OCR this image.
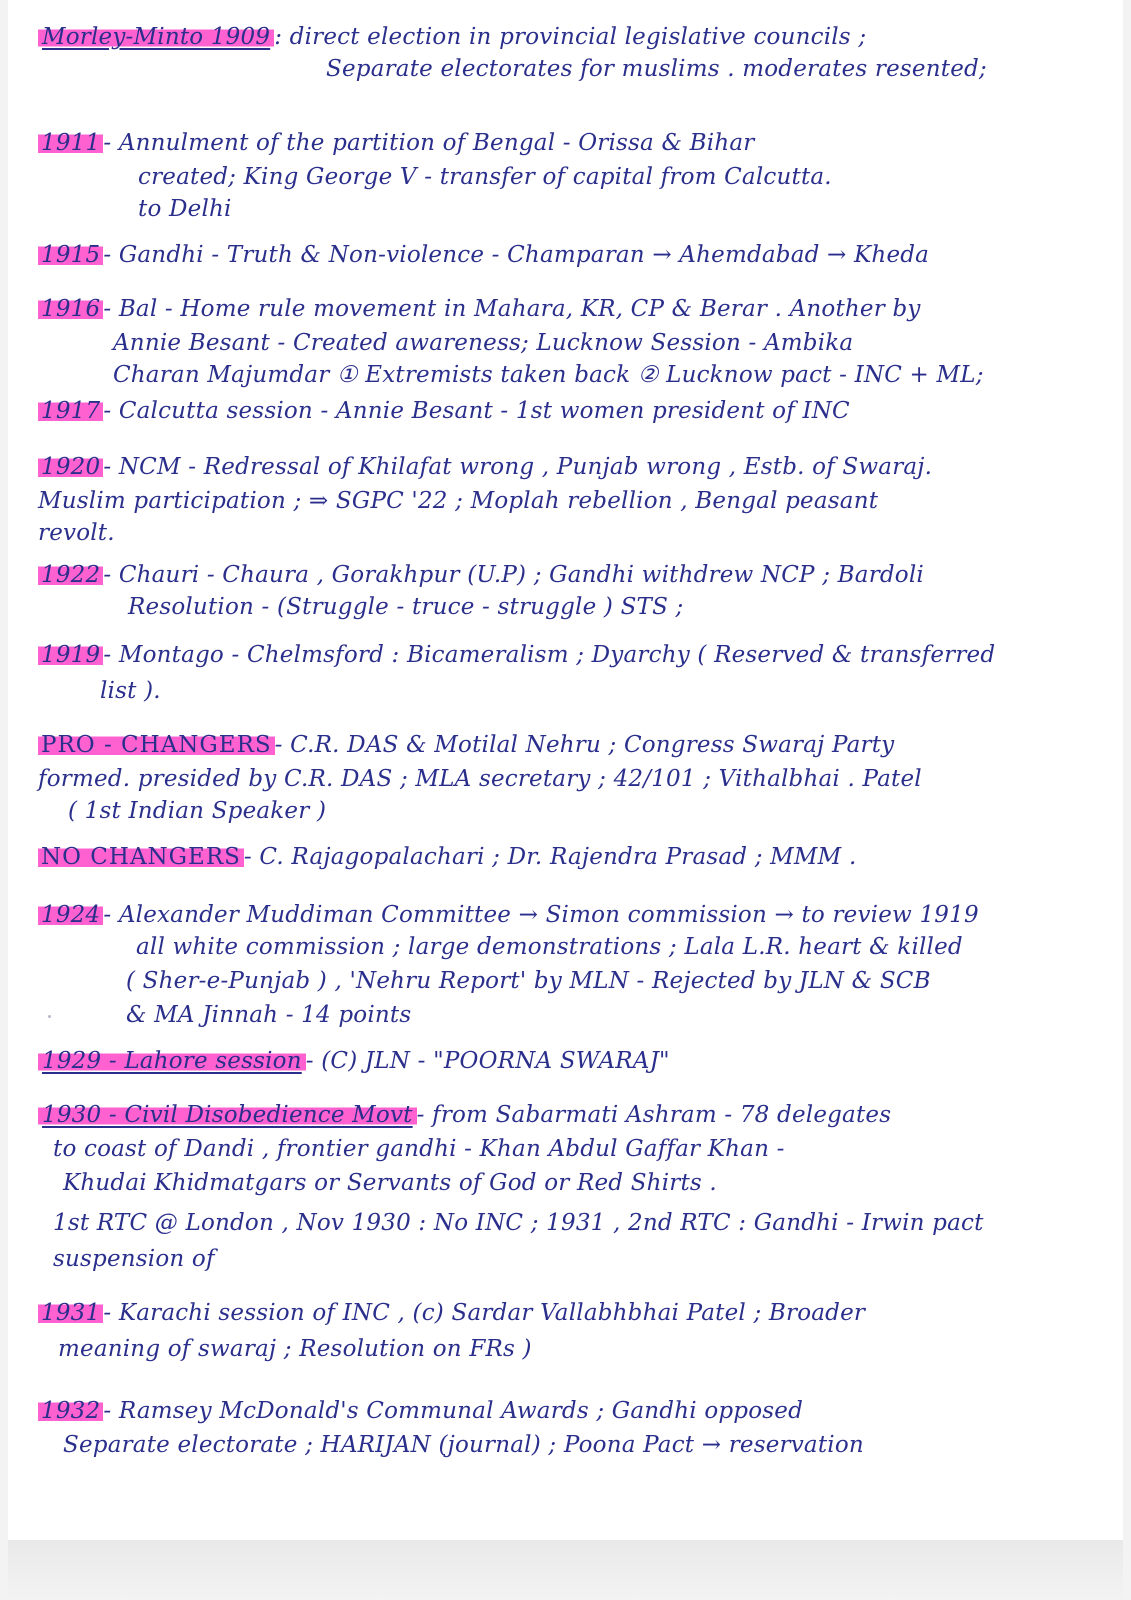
Morley-Minto 1909 : direct election in provincial legislative councils ;

Separate electorates for muslims . moderates resented;

1911 - Annulment of the partition of Bengal - Orissa & Bihar

created; King George V - transfer of capital from Calcutta.

to Delhi

1915 - Gandhi - Truth & Non-violence - Champaran → Ahemdabad → Kheda

1916 - Bal - Home rule movement in Mahara, KR, CP & Berar . Another by

Annie Besant - Created awareness; Lucknow Session - Ambika

Charan Majumdar ① Extremists taken back ② Lucknow pact - INC + ML;

1917 - Calcutta session - Annie Besant - 1st women president of INC

1920 - NCM - Redressal of Khilafat wrong , Punjab wrong , Estb. of Swaraj.

Muslim participation ; ⇒ SGPC '22 ; Moplah rebellion , Bengal peasant

revolt.

1922 - Chauri - Chaura , Gorakhpur (U.P) ; Gandhi withdrew NCP ; Bardoli

Resolution - (Struggle - truce - struggle ) STS ;

1919 - Montago - Chelmsford : Bicameralism ; Dyarchy ( Reserved & transferred

list ).

PRO - CHANGERS - C.R. DAS & Motilal Nehru ; Congress Swaraj Party

formed. presided by C.R. DAS ; MLA secretary ; 42/101 ; Vithalbhai . Patel

( 1st Indian Speaker )

NO CHANGERS - C. Rajagopalachari ; Dr. Rajendra Prasad ; MMM .

1924 - Alexander Muddiman Committee → Simon commission → to review 1919

all white commission ; large demonstrations ; Lala L.R. heart & killed

( Sher-e-Punjab ) , 'Nehru Report' by MLN - Rejected by JLN & SCB

& MA Jinnah - 14 points

1929 - Lahore session - (C) JLN - "POORNA SWARAJ"

1930 - Civil Disobedience Movt - from Sabarmati Ashram - 78 delegates

to coast of Dandi , frontier gandhi - Khan Abdul Gaffar Khan -

Khudai Khidmatgars or Servants of God or Red Shirts .

1st RTC @ London , Nov 1930 : No INC ; 1931 , 2nd RTC : Gandhi - Irwin pact

suspension of

1931 - Karachi session of INC , (c) Sardar Vallabhbhai Patel ; Broader

meaning of swaraj ; Resolution on FRs )

1932 - Ramsey McDonald's Communal Awards ; Gandhi opposed

Separate electorate ; HARIJAN (journal) ; Poona Pact → reservation
